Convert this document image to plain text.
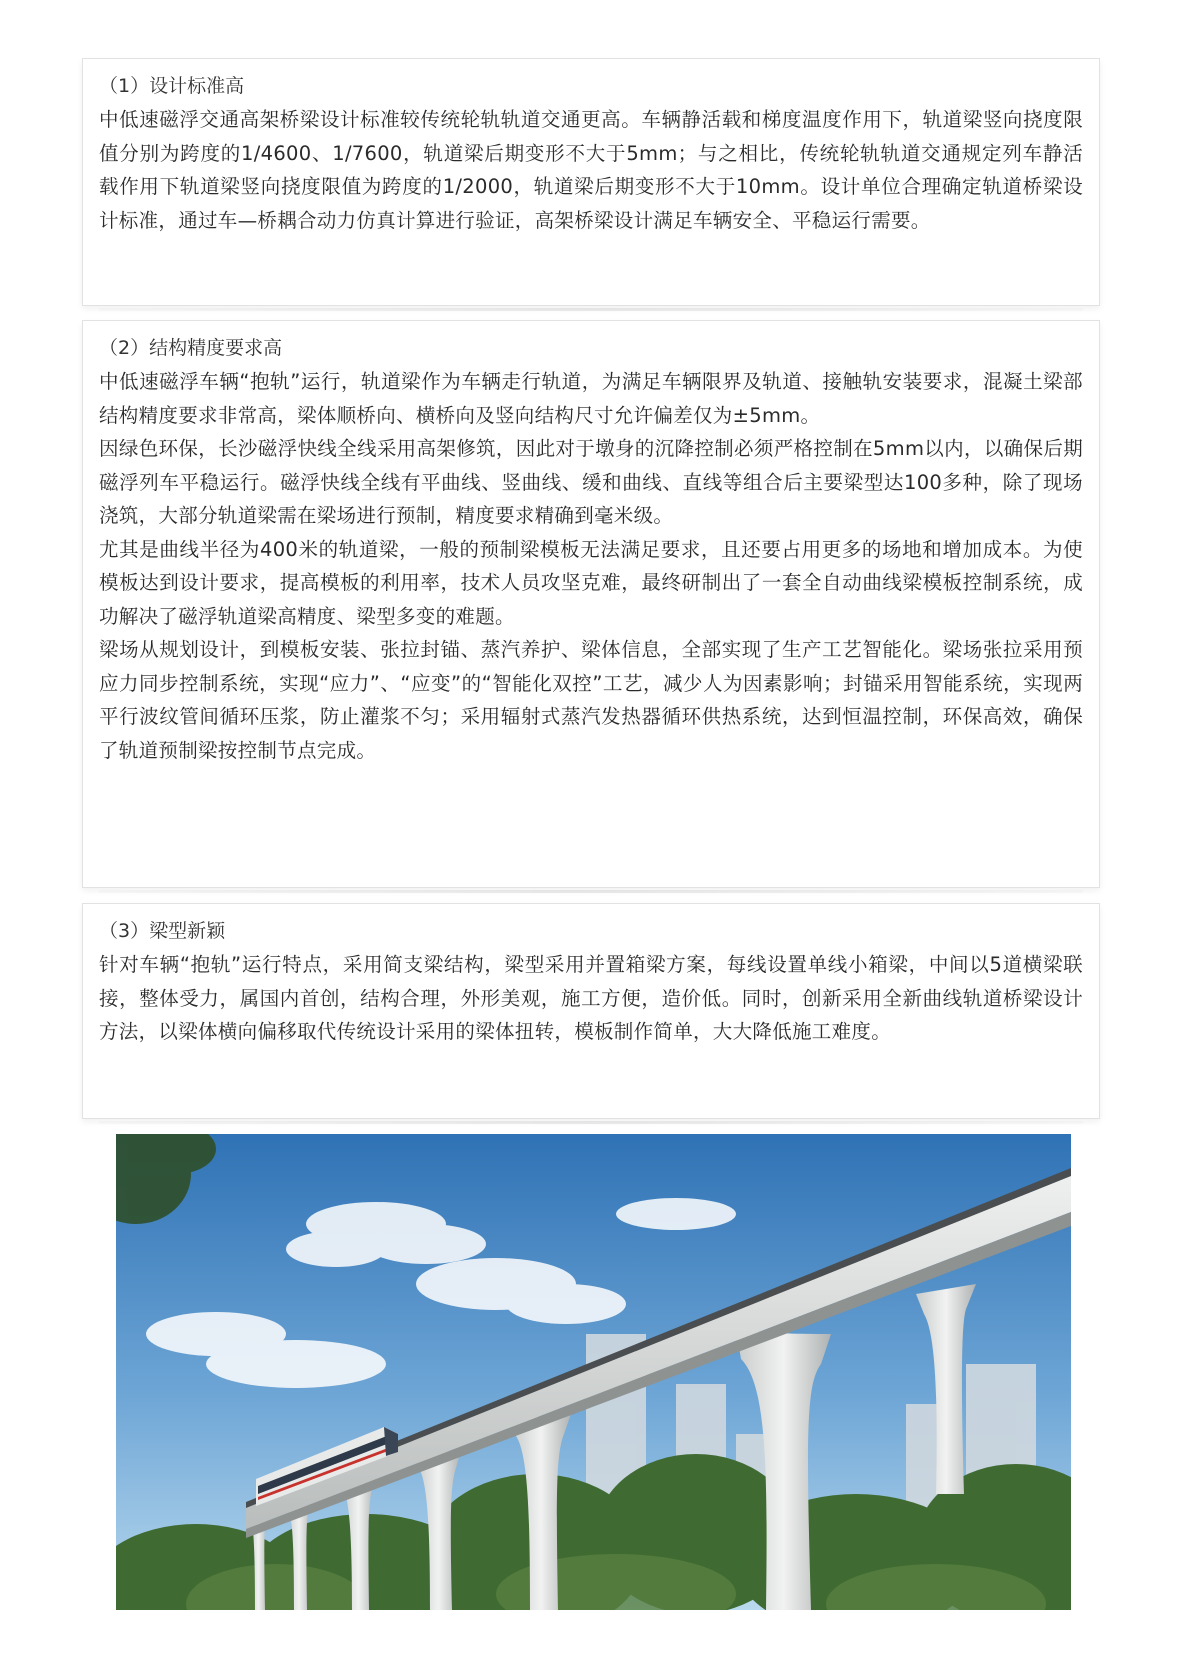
（1）设计标准高

中低速磁浮交通高架桥梁设计标准较传统轮轨轨道交通更高。车辆静活载和梯度温度作用下，轨道梁竖向挠度限值分别为跨度的1/4600、1/7600，轨道梁后期变形不大于5mm；与之相比，传统轮轨轨道交通规定列车静活载作用下轨道梁竖向挠度限值为跨度的1/2000，轨道梁后期变形不大于10mm。设计单位合理确定轨道桥梁设计标准，通过车—桥耦合动力仿真计算进行验证，高架桥梁设计满足车辆安全、平稳运行需要。

（2）结构精度要求高

中低速磁浮车辆“抱轨”运行，轨道梁作为车辆走行轨道，为满足车辆限界及轨道、接触轨安装要求，混凝土梁部结构精度要求非常高，梁体顺桥向、横桥向及竖向结构尺寸允许偏差仅为±5mm。

因绿色环保，长沙磁浮快线全线采用高架修筑，因此对于墩身的沉降控制必须严格控制在5mm以内，以确保后期磁浮列车平稳运行。磁浮快线全线有平曲线、竖曲线、缓和曲线、直线等组合后主要梁型达100多种，除了现场浇筑，大部分轨道梁需在梁场进行预制，精度要求精确到毫米级。

尤其是曲线半径为400米的轨道梁，一般的预制梁模板无法满足要求，且还要占用更多的场地和增加成本。为使模板达到设计要求，提高模板的利用率，技术人员攻坚克难，最终研制出了一套全自动曲线梁模板控制系统，成功解决了磁浮轨道梁高精度、梁型多变的难题。

梁场从规划设计，到模板安装、张拉封锚、蒸汽养护、梁体信息，全部实现了生产工艺智能化。梁场张拉采用预应力同步控制系统，实现“应力”、“应变”的“智能化双控”工艺，减少人为因素影响；封锚采用智能系统，实现两平行波纹管间循环压浆，防止灌浆不匀；采用辐射式蒸汽发热器循环供热系统，达到恒温控制，环保高效，确保了轨道预制梁按控制节点完成。

（3）梁型新颖

针对车辆“抱轨”运行特点，采用简支梁结构，梁型采用并置箱梁方案，每线设置单线小箱梁，中间以5道横梁联接，整体受力，属国内首创，结构合理，外形美观，施工方便，造价低。同时，创新采用全新曲线轨道桥梁设计方法，以梁体横向偏移取代传统设计采用的梁体扭转，模板制作简单，大大降低施工难度。
